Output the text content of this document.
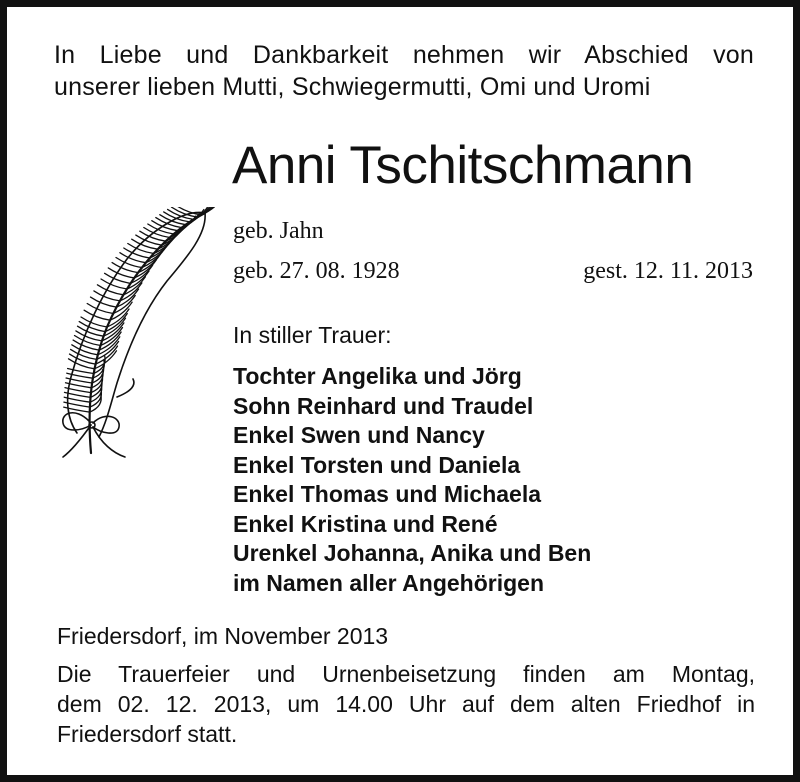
In Liebe und Dankbarkeit nehmen wir Abschied von
unserer lieben Mutti, Schwiegermutti, Omi und Uromi
Anni Tschitschmann
geb. Jahn
geb. 27. 08. 1928	gest. 12. 11. 2013
In stiller Trauer:
Tochter Angelika und Jörg
Sohn Reinhard und Traudel
Enkel Swen und Nancy
Enkel Torsten und Daniela
Enkel Thomas und Michaela
Enkel Kristina und René
Urenkel Johanna, Anika und Ben
im Namen aller Angehörigen
Friedersdorf, im November 2013
Die Trauerfeier und Urnenbeisetzung finden am Montag,
dem 02. 12. 2013, um 14.00 Uhr auf dem alten Friedhof in
Friedersdorf statt.
